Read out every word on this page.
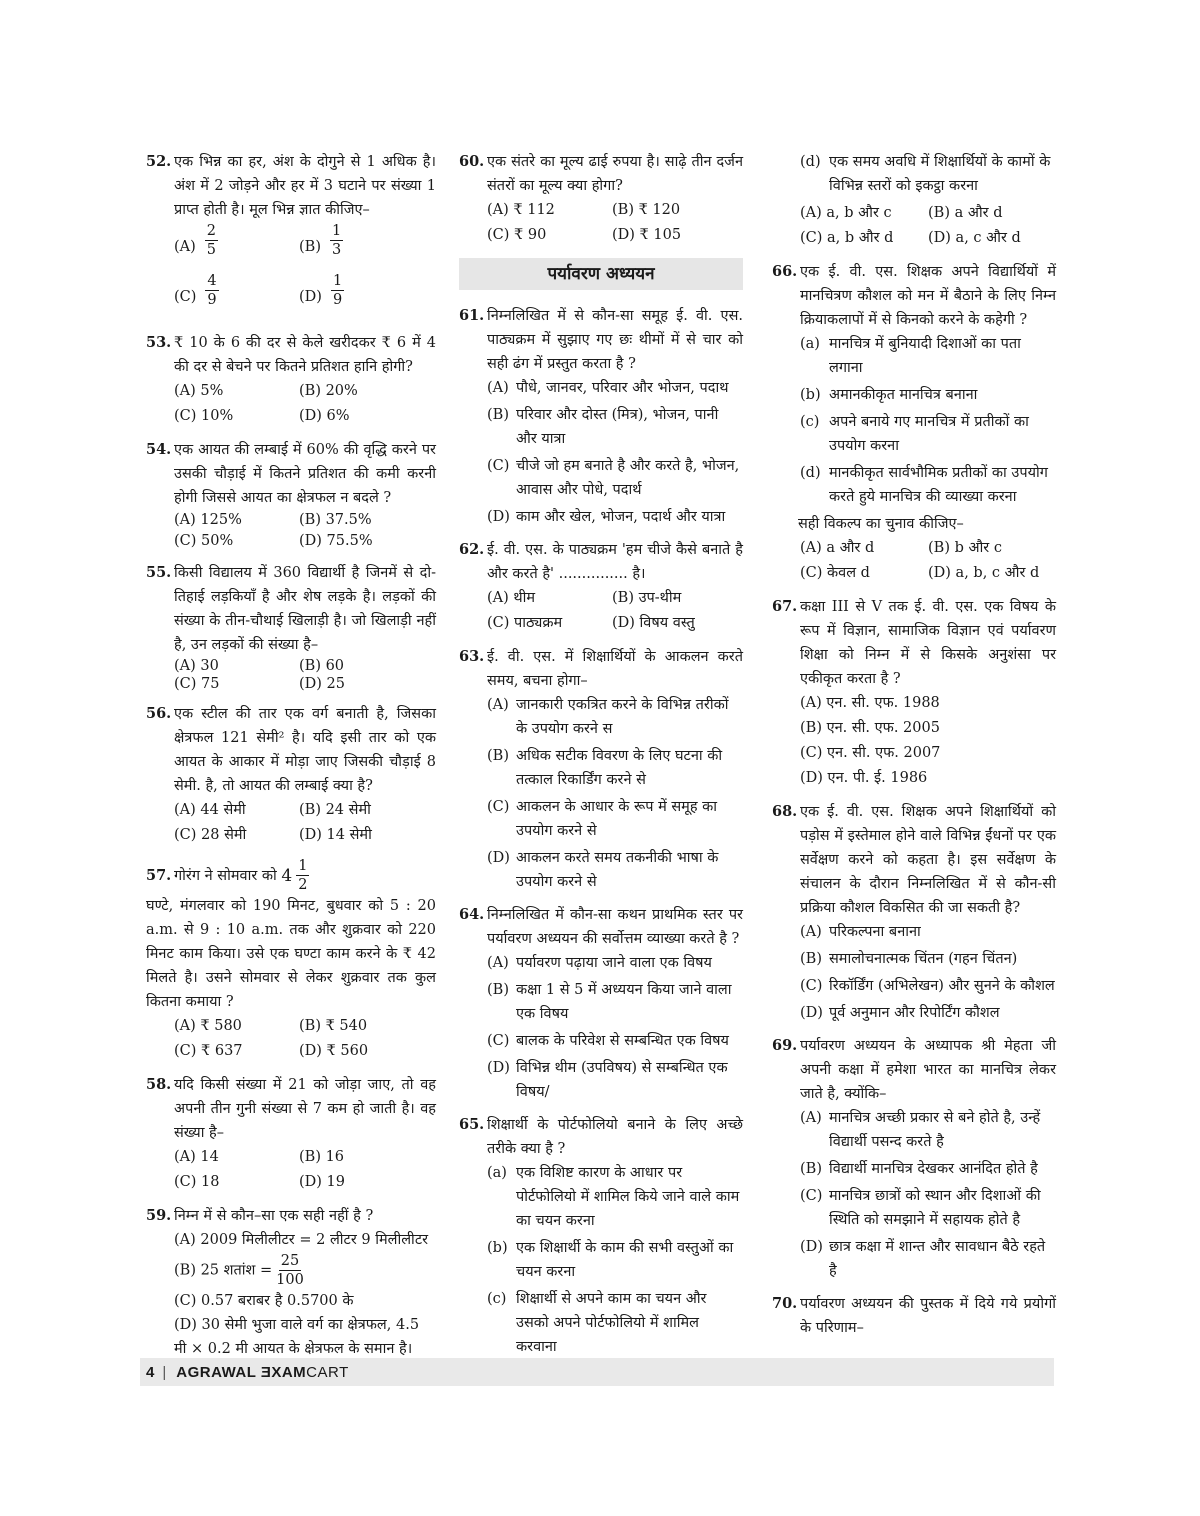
52. एक भिन्न का हर, अंश के दोगुने से 1 अधिक है। अंश में 2 जोड़ने और हर में 3 घटाने पर संख्या 1 प्राप्त होती है। मूल भिन्न ज्ञात कीजिए–
$(A) \frac{2}{5}$	$(B) \frac{1}{3}$
$(C) \frac{4}{9}$	$(D) \frac{1}{9}$
53. ₹ 10 के 6 की दर से केले खरीदकर ₹ 6 में 4 की दर से बेचने पर कितने प्रतिशत हानि होगी?
(A) 5%	(B) 20%
(C) 10%	(D) 6%
54. एक आयत की लम्बाई में 60% की वृद्धि करने पर उसकी चौड़ाई में कितने प्रतिशत की कमी करनी होगी जिससे आयत का क्षेत्रफल न बदले ?
(A) 125%	(B) 37.5%
(C) 50%	(D) 75.5%
55. किसी विद्यालय में 360 विद्यार्थी है जिनमें से दो-तिहाई लड़कियाँ है और शेष लड़के है। लड़कों की संख्या के तीन-चौथाई खिलाड़ी है। जो खिलाड़ी नहीं है, उन लड़कों की संख्या है–
(A) 30	(B) 60
(C) 75	(D) 25
56. एक स्टील की तार एक वर्ग बनाती है, जिसका क्षेत्रफल 121 सेमी² है। यदि इसी तार को एक आयत के आकार में मोड़ा जाए जिसकी चौड़ाई 8 सेमी. है, तो आयत की लम्बाई क्या है?
(A) 44 सेमी	(B) 24 सेमी
(C) 28 सेमी	(D) 14 सेमी
57. गोरंग ने सोमवार को
$4 \frac{1}{2}$
घण्टे, मंगलवार को 190 मिनट, बुधवार को 5 : 20 a.m. से 9 : 10 a.m. तक और शुक्रवार को 220 मिनट काम किया। उसे एक घण्टा काम करने के ₹ 42 मिलते है। उसने सोमवार से लेकर शुक्रवार तक कुल कितना कमाया ?
(A) ₹ 580	(B) ₹ 540
(C) ₹ 637	(D) ₹ 560
58. यदि किसी संख्या में 21 को जोड़ा जाए, तो वह अपनी तीन गुनी संख्या से 7 कम हो जाती है। वह संख्या है–
(A) 14	(B) 16
(C) 18	(D) 19
59. निम्न में से कौन–सा एक सही नहीं है ?
(A) 2009 मिलीलीटर = 2 लीटर 9 मिलीलीटर
(B) 25 शतांश = $\frac{25}{100}$
(C) 0.57 बराबर है 0.5700 के
(D) 30 सेमी भुजा वाले वर्ग का क्षेत्रफल, 4.5 मी × 0.2 मी आयत के क्षेत्रफल के समान है।
60. एक संतरे का मूल्य ढाई रुपया है। साढ़े तीन दर्जन संतरों का मूल्य क्या होगा?
(A) ₹ 112	(B) ₹ 120
(C) ₹ 90	(D) ₹ 105
पर्यावरण अध्ययन
61. निम्नलिखित में से कौन-सा समूह ई. वी. एस. पाठ्यक्रम में सुझाए गए छः थीमों में से चार को सही ढंग में प्रस्तुत करता है ?
(A) पौधे, जानवर, परिवार और भोजन, पदाथ
(B) परिवार और दोस्त (मित्र), भोजन, पानी और यात्रा
(C) चीजे जो हम बनाते है और करते है, भोजन, आवास और पोधे, पदार्थ
(D) काम और खेल, भोजन, पदार्थ और यात्रा
62. ई. वी. एस. के पाठ्यक्रम 'हम चीजे कैसे बनाते है और करते है' ............... है।
(A) थीम	(B) उप-थीम
(C) पाठ्यक्रम	(D) विषय वस्तु
63. ई. वी. एस. में शिक्षार्थियों के आकलन करते समय, बचना होगा–
(A) जानकारी एकत्रित करने के विभिन्न तरीकों के उपयोग करने स
(B) अधिक सटीक विवरण के लिए घटना की तत्काल रिकार्डिंग करने से
(C) आकलन के आधार के रूप में समूह का उपयोग करने से
(D) आकलन करते समय तकनीकी भाषा के उपयोग करने से
64. निम्नलिखित में कौन-सा कथन प्राथमिक स्तर पर पर्यावरण अध्ययन की सर्वोत्तम व्याख्या करते है ?
(A) पर्यावरण पढ़ाया जाने वाला एक विषय
(B) कक्षा 1 से 5 में अध्ययन किया जाने वाला एक विषय
(C) बालक के परिवेश से सम्बन्धित एक विषय
(D) विभिन्न थीम (उपविषय) से सम्बन्धित एक विषय/
65. शिक्षार्थी के पोर्टफोलियो बनाने के लिए अच्छे तरीके क्या है ?
(a) एक विशिष्ट कारण के आधार पर पोर्टफोलियो में शामिल किये जाने वाले काम का चयन करना
(b) एक शिक्षार्थी के काम की सभी वस्तुओं का चयन करना
(c) शिक्षार्थी से अपने काम का चयन और उसको अपने पोर्टफोलियो में शामिल करवाना
(d) एक समय अवधि में शिक्षार्थियों के कामों के विभिन्न स्तरों को इकट्ठा करना
(A) a, b और c	(B) a और d
(C) a, b और d	(D) a, c और d
66. एक ई. वी. एस. शिक्षक अपने विद्यार्थियों में मानचित्रण कौशल को मन में बैठाने के लिए निम्न क्रियाकलापों में से किनको करने के कहेगी ?
(a) मानचित्र में बुनियादी दिशाओं का पता लगाना
(b) अमानकीकृत मानचित्र बनाना
(c) अपने बनाये गए मानचित्र में प्रतीकों का उपयोग करना
(d) मानकीकृत सार्वभौमिक प्रतीकों का उपयोग करते हुये मानचित्र की व्याख्या करना
सही विकल्प का चुनाव कीजिए–
(A) a और d	(B) b और c
(C) केवल d	(D) a, b, c और d
67. कक्षा III से V तक ई. वी. एस. एक विषय के रूप में विज्ञान, सामाजिक विज्ञान एवं पर्यावरण शिक्षा को निम्न में से किसके अनुशंसा पर एकीकृत करता है ?
(A) एन. सी. एफ. 1988
(B) एन. सी. एफ. 2005
(C) एन. सी. एफ. 2007
(D) एन. पी. ई. 1986
68. एक ई. वी. एस. शिक्षक अपने शिक्षार्थियों को पड़ोस में इस्तेमाल होने वाले विभिन्न ईंधनों पर एक सर्वेक्षण करने को कहता है। इस सर्वेक्षण के संचालन के दौरान निम्नलिखित में से कौन-सी प्रक्रिया कौशल विकसित की जा सकती है?
(A) परिकल्पना बनाना
(B) समालोचनात्मक चिंतन (गहन चिंतन)
(C) रिकॉर्डिंग (अभिलेखन) और सुनने के कौशल
(D) पूर्व अनुमान और रिपोर्टिंग कौशल
69. पर्यावरण अध्ययन के अध्यापक श्री मेहता जी अपनी कक्षा में हमेशा भारत का मानचित्र लेकर जाते है, क्योंकि–
(A) मानचित्र अच्छी प्रकार से बने होते है, उन्हें विद्यार्थी पसन्द करते है
(B) विद्यार्थी मानचित्र देखकर आनंदित होते है
(C) मानचित्र छात्रों को स्थान और दिशाओं की स्थिति को समझाने में सहायक होते है
(D) छात्र कक्षा में शान्त और सावधान बैठे रहते है
70. पर्यावरण अध्ययन की पुस्तक में दिये गये प्रयोगों के परिणाम–
4 | AGRAWAL ƎXAMCART
